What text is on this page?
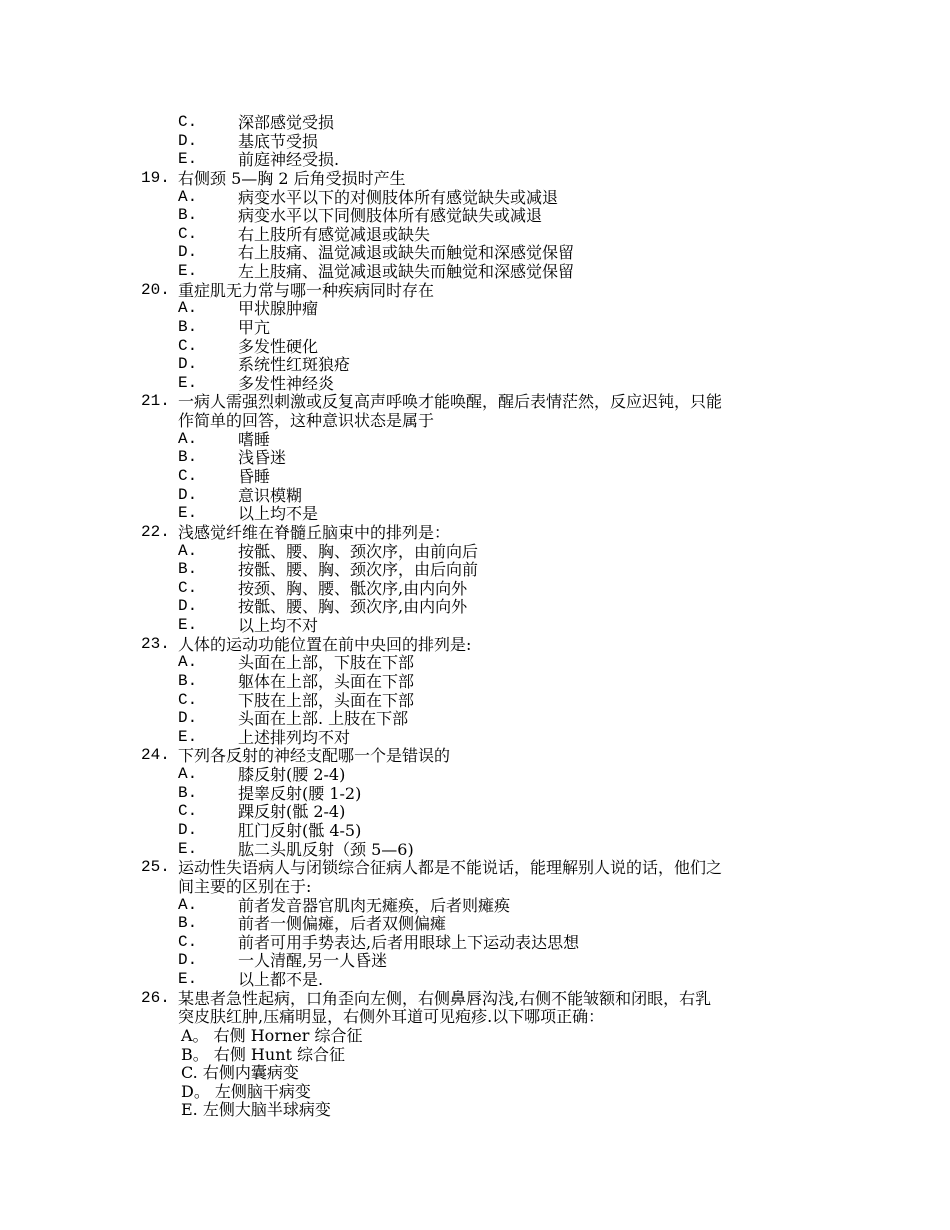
C.	深部感觉受损
D.	基底节受损
E.	前庭神经受损.
19. 右侧颈 5—胸 2 后角受损时产生
A.	病变水平以下的对侧肢体所有感觉缺失或减退
B.	病变水平以下同侧肢体所有感觉缺失或减退
C.	右上肢所有感觉减退或缺失
D.	右上肢痛、温觉减退或缺失而触觉和深感觉保留
E.	左上肢痛、温觉减退或缺失而触觉和深感觉保留
20. 重症肌无力常与哪一种疾病同时存在
A.	甲状腺肿瘤
B.	甲亢
C.	多发性硬化
D.	系统性红斑狼疮
E.	多发性神经炎
21. 一病人需强烈刺激或反复高声呼唤才能唤醒，醒后表情茫然，反应迟钝，只能
作简单的回答，这种意识状态是属于
A.	嗜睡
B.	浅昏迷
C.	昏睡
D.	意识模糊
E.	以上均不是
22. 浅感觉纤维在脊髓丘脑束中的排列是：
A.	按骶、腰、胸、颈次序，由前向后
B.	按骶、腰、胸、颈次序，由后向前
C.	按颈、胸、腰、骶次序,由内向外
D.	按骶、腰、胸、颈次序,由内向外
E.	以上均不对
23. 人体的运动功能位置在前中央回的排列是:
A.	头面在上部，下肢在下部
B.	躯体在上部，头面在下部
C.	下肢在上部，头面在下部
D.	头面在上部. 上肢在下部
E.	上述排列均不对
24. 下列各反射的神经支配哪一个是错误的
A.	膝反射(腰 2-4)
B.	提睾反射(腰 1-2)
C.	踝反射(骶 2-4)
D.	肛门反射(骶 4-5)
E.	肱二头肌反射（颈 5—6)
25. 运动性失语病人与闭锁综合征病人都是不能说话，能理解别人说的话，他们之
间主要的区别在于:
A.	前者发音器官肌肉无瘫痪，后者则瘫痪
B.	前者一侧偏瘫，后者双侧偏瘫
C.	前者可用手势表达,后者用眼球上下运动表达思想
D.	一人清醒,另一人昏迷
E.	以上都不是.
26. 某患者急性起病，口角歪向左侧，右侧鼻唇沟浅,右侧不能皱额和闭眼，右乳
突皮肤红肿,压痛明显，右侧外耳道可见疱疹.以下哪项正确：
A。 右侧 Horner 综合征
B。 右侧 Hunt 综合征
C. 右侧内囊病变
D。 左侧脑干病变
E. 左侧大脑半球病变
